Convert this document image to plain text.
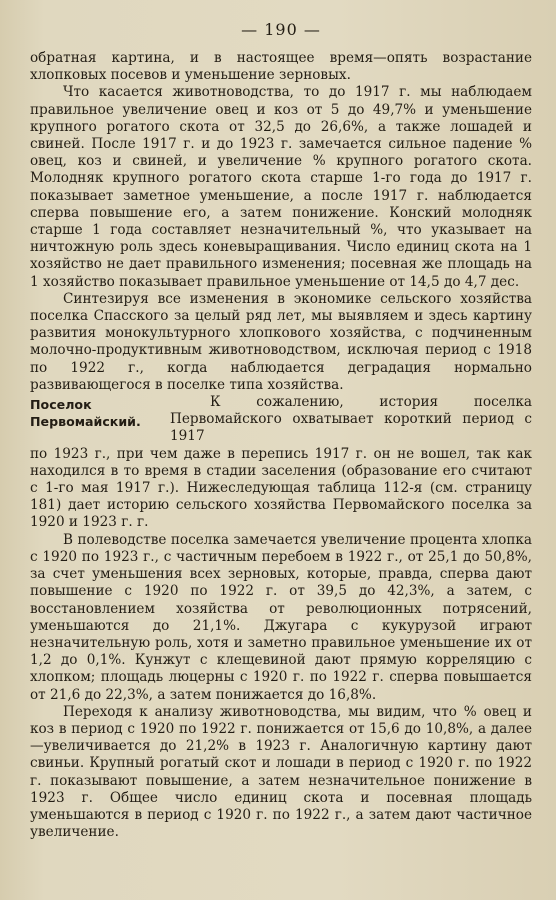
— 190 —

обратная картина, и в настоящее время—опять возрастание хлопковых посевов и уменьшение зерновых.

Что касается животноводства, то до 1917 г. мы наблюдаем правильное увеличение овец и коз от 5 до 49,7% и уменьшение крупного рогатого скота от 32,5 до 26,6%, а также лошадей и свиней. После 1917 г. и до 1923 г. замечается сильное падение % овец, коз и свиней, и увеличение % крупного рогатого скота. Молодняк крупного рогатого скота старше 1-го года до 1917 г. показывает заметное уменьшение, а после 1917 г. наблюдается сперва повышение его, а затем понижение. Конский молодняк старше 1 года составляет незначительный %, что указывает на ничтожную роль здесь коневыращивания. Число единиц скота на 1 хозяйство не дает правильного изменения; посевная же площадь на 1 хозяйство показывает правильное уменьшение от 14,5 до 4,7 дес.

Синтезируя все изменения в экономике сельского хозяйства поселка Спасского за целый ряд лет, мы выявляем и здесь картину развития монокультурного хлопкового хозяйства, с подчиненным молочно-продуктивным животноводством, исключая период с 1918 по 1922 г., когда наблюдается деградация нормально развивающегося в поселке типа хозяйства.

Поселок Первомайский.

К сожалению, история поселка Первомайского охватывает короткий период с 1917

по 1923 г., при чем даже в перепись 1917 г. он не вошел, так как находился в то время в стадии заселения (образование его считают с 1-го мая 1917 г.). Нижеследующая таблица 112-я (см. страницу 181) дает историю сельского хозяйства Первомайского поселка за 1920 и 1923 г. г.

В полеводстве поселка замечается увеличение процента хлопка с 1920 по 1923 г., с частичным перебоем в 1922 г., от 25,1 до 50,8%, за счет уменьшения всех зерновых, которые, правда, сперва дают повышение с 1920 по 1922 г. от 39,5 до 42,3%, а затем, с восстановлением хозяйства от революционных потрясений, уменьшаются до 21,1%. Джугара с кукурузой играют незначительную роль, хотя и заметно правильное уменьшение их от 1,2 до 0,1%. Кунжут с клещевиной дают прямую корреляцию с хлопком; площадь люцерны с 1920 г. по 1922 г. сперва повышается от 21,6 до 22,3%, а затем понижается до 16,8%.

Переходя к анализу животноводства, мы видим, что % овец и коз в период с 1920 по 1922 г. понижается от 15,6 до 10,8%, а далее—увеличивается до 21,2% в 1923 г. Аналогичную картину дают свиньи. Крупный рогатый скот и лошади в период с 1920 г. по 1922 г. показывают повышение, а затем незначительное понижение в 1923 г. Общее число единиц скота и посевная площадь уменьшаются в период с 1920 г. по 1922 г., а затем дают частичное увеличение.
